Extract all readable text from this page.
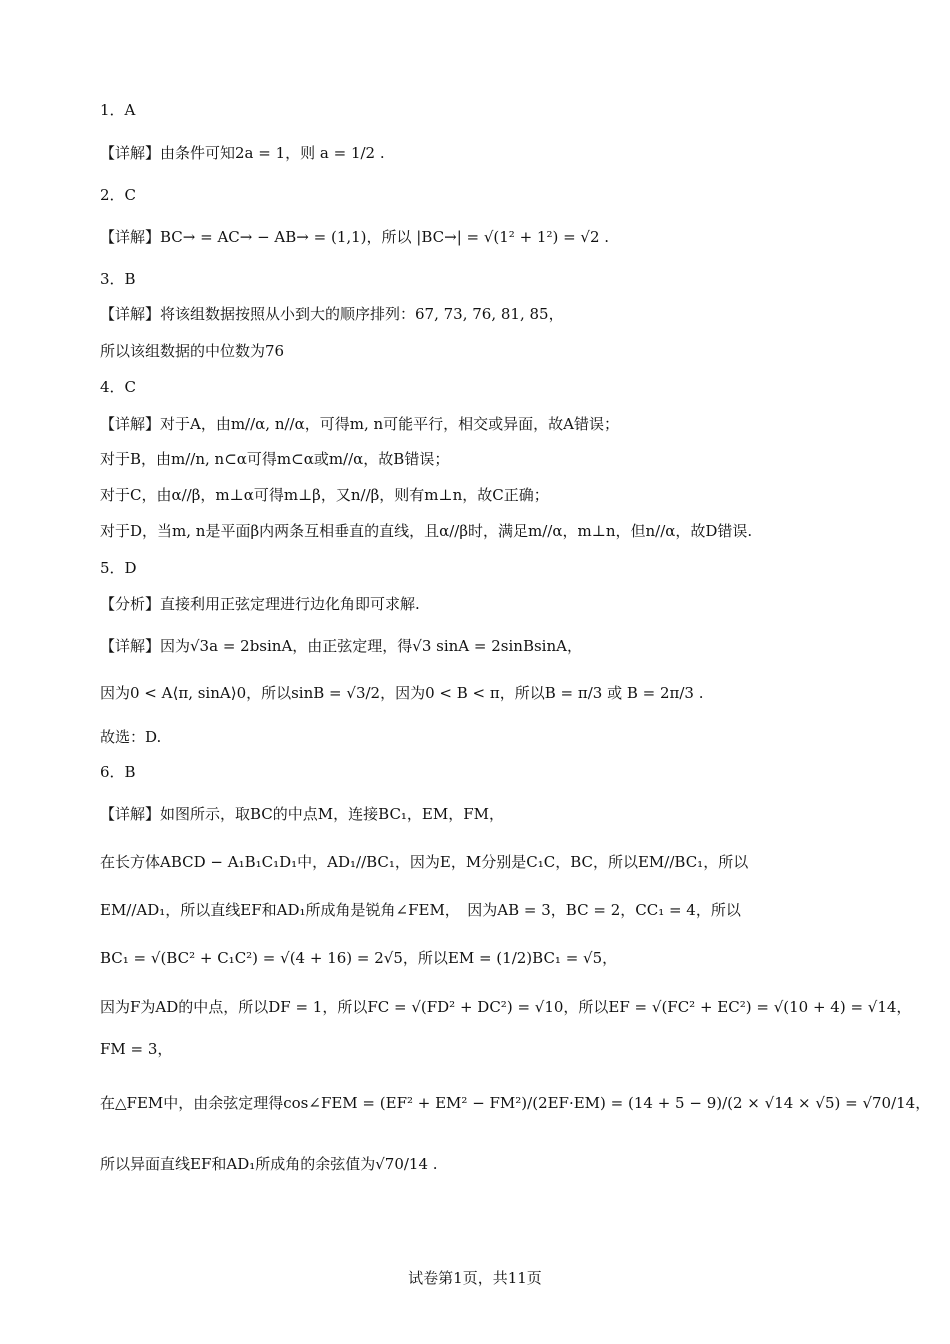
1．A
【详解】由条件可知2a = 1，则 a = 1/2 .
2．C
【详解】BC→ = AC→ − AB→ = (1,1)，所以 |BC→| = √(1² + 1²) = √2 .
3．B
【详解】将该组数据按照从小到大的顺序排列：67, 73, 76, 81, 85，
所以该组数据的中位数为76
4．C
【详解】对于A，由m//α, n//α，可得m, n可能平行，相交或异面，故A错误；
对于B，由m//n, n⊂α可得m⊂α或m//α，故B错误；
对于C，由α//β，m⊥α可得m⊥β，又n//β，则有m⊥n，故C正确；
对于D，当m, n是平面β内两条互相垂直的直线，且α//β时，满足m//α，m⊥n，但n//α，故D错误.
5．D
【分析】直接利用正弦定理进行边化角即可求解.
【详解】因为√3a = 2bsinA，由正弦定理，得√3 sinA = 2sinBsinA，
因为0 < A⟨π, sinA⟩0，所以sinB = √3/2，因为0 < B < π，所以B = π/3 或 B = 2π/3 .
故选：D.
6．B
【详解】如图所示，取BC的中点M，连接BC₁，EM，FM，
在长方体ABCD − A₁B₁C₁D₁中，AD₁//BC₁，因为E，M分别是C₁C，BC，所以EM//BC₁，所以
EM//AD₁，所以直线EF和AD₁所成角是锐角∠FEM，　因为AB = 3，BC = 2，CC₁ = 4，所以
BC₁ = √(BC² + C₁C²) = √(4 + 16) = 2√5，所以EM = (1/2)BC₁ = √5，
因为F为AD的中点，所以DF = 1，所以FC = √(FD² + DC²) = √10，所以EF = √(FC² + EC²) = √(10 + 4) = √14，
FM = 3，
在△FEM中，由余弦定理得cos∠FEM = (EF² + EM² − FM²)/(2EF·EM) = (14 + 5 − 9)/(2 × √14 × √5) = √70/14，
所以异面直线EF和AD₁所成角的余弦值为√70/14 .
试卷第1页，共11页
